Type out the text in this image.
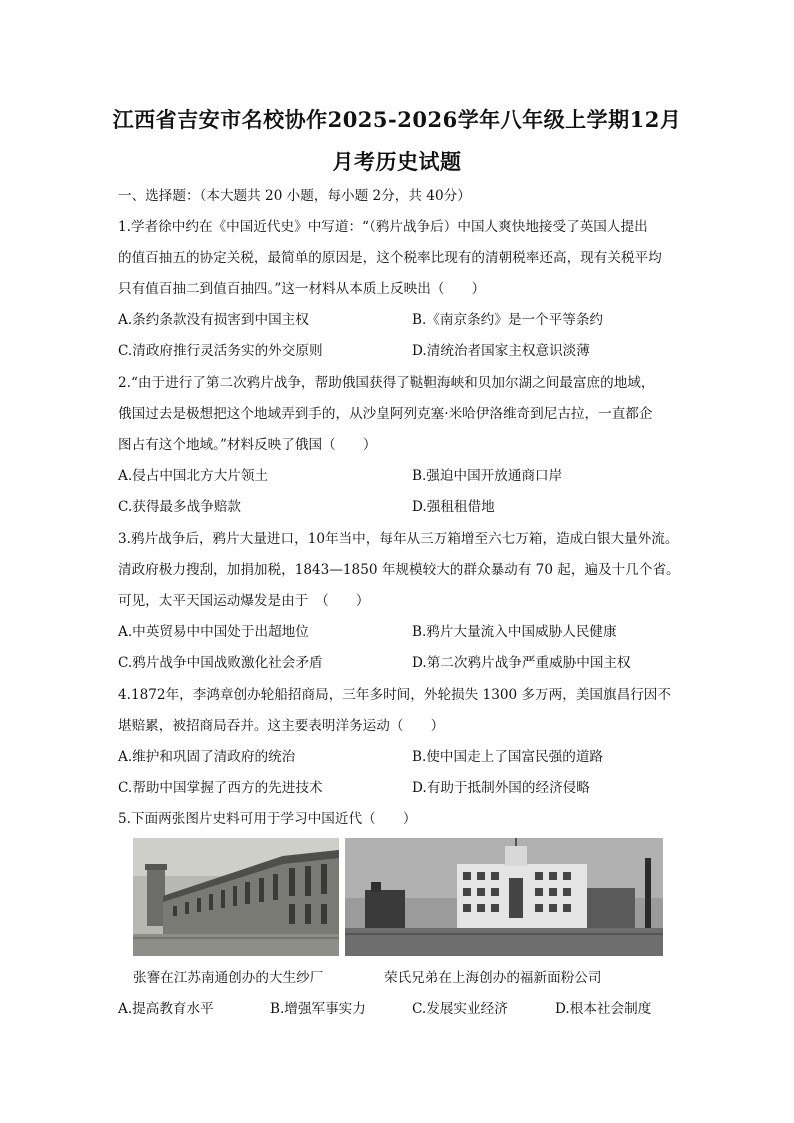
江西省吉安市名校协作2025-2026学年八年级上学期12月
月考历史试题
一、选择题：（本大题共 20 小题，每小题 2分，共 40分）
1.学者徐中约在《中国近代史》中写道：“（鸦片战争后）中国人爽快地接受了英国人提出
的值百抽五的协定关税，最简单的原因是，这个税率比现有的清朝税率还高，现有关税平均
只有值百抽二到值百抽四。”这一材料从本质上反映出（　　）
A.条约条款没有损害到中国主权	B.《南京条约》是一个平等条约
C.清政府推行灵活务实的外交原则	D.清统治者国家主权意识淡薄
2.“由于进行了第二次鸦片战争，帮助俄国获得了鞑靼海峡和贝加尔湖之间最富庶的地域，
俄国过去是极想把这个地域弄到手的，从沙皇阿列克塞·米哈伊洛维奇到尼古拉，一直都企
图占有这个地域。”材料反映了俄国（　　）
A.侵占中国北方大片领土	B.强迫中国开放通商口岸
C.获得最多战争赔款	D.强租租借地
3.鸦片战争后，鸦片大量进口，10年当中，每年从三万箱增至六七万箱，造成白银大量外流。
清政府极力搜刮，加捐加税，1843—1850 年规模较大的群众暴动有 70 起，遍及十几个省。
可见，太平天国运动爆发是由于　（　　）
A.中英贸易中中国处于出超地位	B.鸦片大量流入中国威胁人民健康
C.鸦片战争中国战败激化社会矛盾	D.第二次鸦片战争严重威胁中国主权
4.1872年，李鸿章创办轮船招商局，三年多时间，外轮损失 1300 多万两，美国旗昌行因不
堪赔累，被招商局吞并。这主要表明洋务运动（　　）
A.维护和巩固了清政府的统治	B.使中国走上了国富民强的道路
C.帮助中国掌握了西方的先进技术	D.有助于抵制外国的经济侵略
5.下面两张图片史料可用于学习中国近代（　　）
张謇在江苏南通创办的大生纱厂	荣氏兄弟在上海创办的福新面粉公司
A.提高教育水平	B.增强军事实力	C.发展实业经济	D.根本社会制度
